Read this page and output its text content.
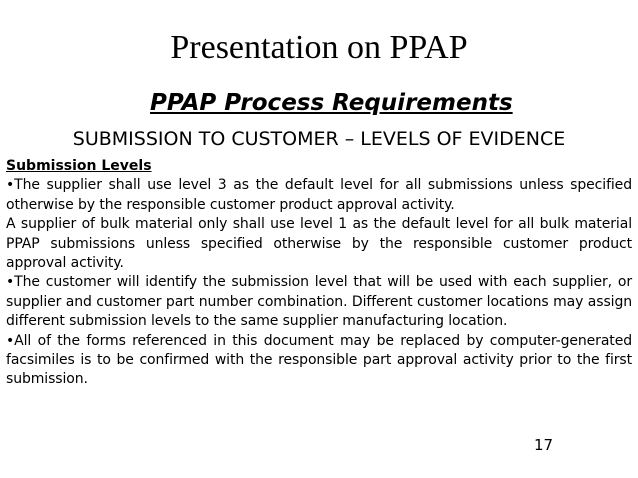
Presentation on PPAP
PPAP Process Requirements
SUBMISSION TO CUSTOMER – LEVELS OF EVIDENCE

Submission Levels

•The supplier shall use level 3 as the default level for all submissions unless specified otherwise by the responsible customer product approval activity.

A supplier of bulk material only shall use level 1 as the default level for all bulk material PPAP submissions unless specified otherwise by the responsible customer product approval activity.

•The customer will identify the submission level that will be used with each supplier, or supplier and customer part number combination. Different customer locations may assign different submission levels to the same supplier manufacturing location.

•All of the forms referenced in this document may be replaced by computer-generated facsimiles is to be confirmed with the responsible part approval activity prior to the first submission.

17
